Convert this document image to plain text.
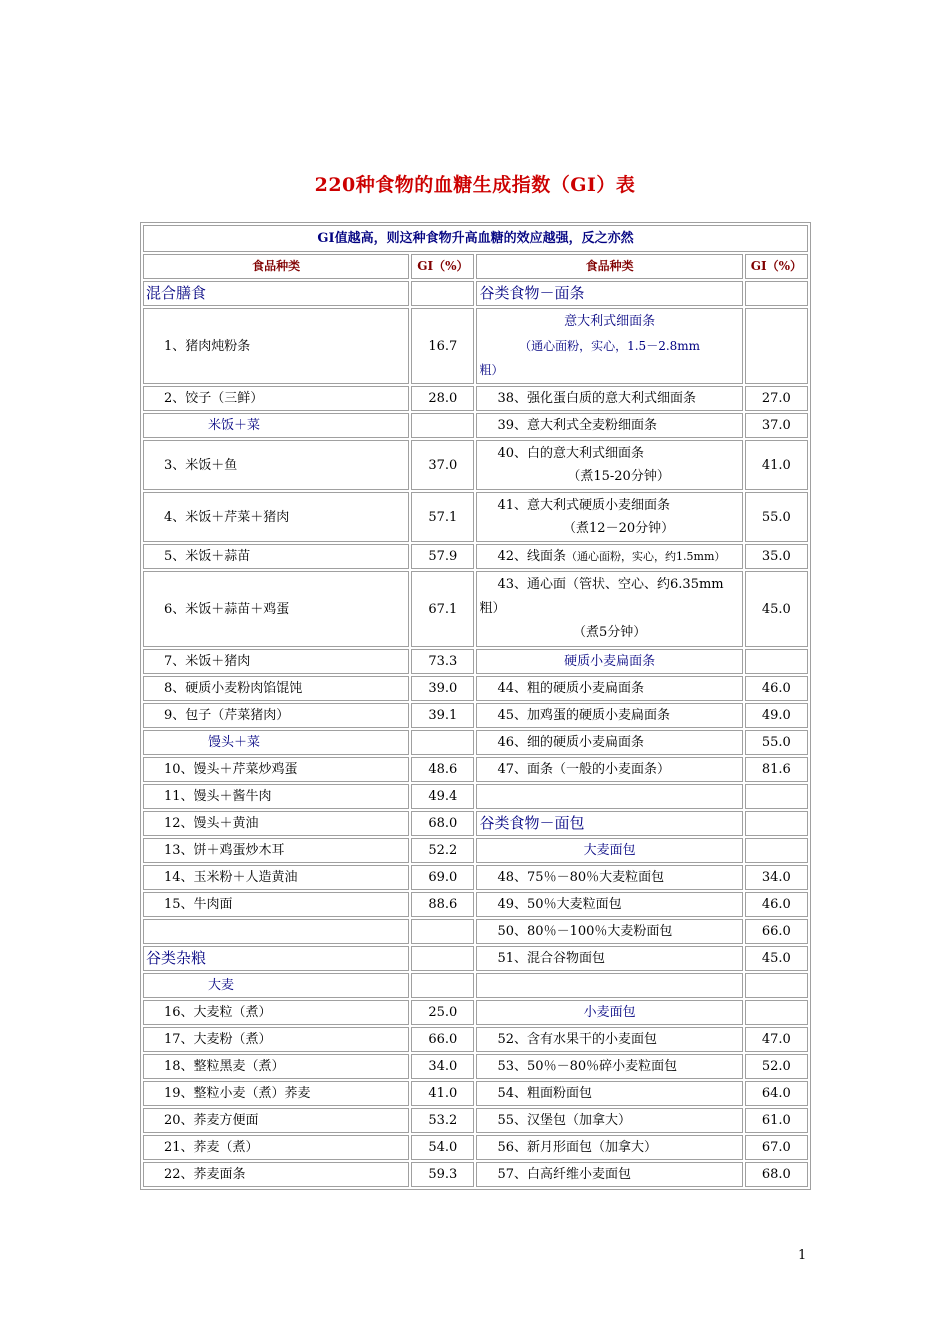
220种食物的血糖生成指数（GI）表
GI值越高，则这种食物升高血糖的效应越强，反之亦然			
食品种类	GI（%）	食品种类	GI（%）
混合膳食		谷类食物－面条	
1、猪肉炖粉条	16.7	意大利式细面条
（通心面粉，实心，1.5－2.8mm
粗）	
2、饺子（三鲜）	28.0	38、强化蛋白质的意大利式细面条	27.0
米饭＋菜		39、意大利式全麦粉细面条	37.0
3、米饭＋鱼	37.0	40、白的意大利式细面条
（煮15-20分钟）	41.0
4、米饭＋芹菜＋猪肉	57.1	41、意大利式硬质小麦细面条
（煮12－20分钟）	55.0
5、米饭＋蒜苗	57.9	42、线面条（通心面粉，实心，约1.5mm）	35.0
6、米饭＋蒜苗＋鸡蛋	67.1	43、通心面（管状、空心、约6.35mm
粗）
（煮5分钟）	45.0
7、米饭＋猪肉	73.3	硬质小麦扁面条	
8、硬质小麦粉肉馅馄饨	39.0	44、粗的硬质小麦扁面条	46.0
9、包子（芹菜猪肉）	39.1	45、加鸡蛋的硬质小麦扁面条	49.0
馒头＋菜		46、细的硬质小麦扁面条	55.0
10、馒头＋芹菜炒鸡蛋	48.6	47、面条（一般的小麦面条）	81.6
11、馒头＋酱牛肉	49.4		
12、馒头＋黄油	68.0	谷类食物－面包	
13、饼＋鸡蛋炒木耳	52.2	大麦面包	
14、玉米粉＋人造黄油	69.0	48、75％－80％大麦粒面包	34.0
15、牛肉面	88.6	49、50％大麦粒面包	46.0
		50、80％－100％大麦粉面包	66.0
谷类杂粮		51、混合谷物面包	45.0
大麦			
16、大麦粒（煮）	25.0	小麦面包	
17、大麦粉（煮）	66.0	52、含有水果干的小麦面包	47.0
18、整粒黑麦（煮）	34.0	53、50％－80％碎小麦粒面包	52.0
19、整粒小麦（煮）荞麦	41.0	54、粗面粉面包	64.0
20、荞麦方便面	53.2	55、汉堡包（加拿大）	61.0
21、荞麦（煮）	54.0	56、新月形面包（加拿大）	67.0
22、荞麦面条	59.3	57、白高纤维小麦面包	68.0
1
